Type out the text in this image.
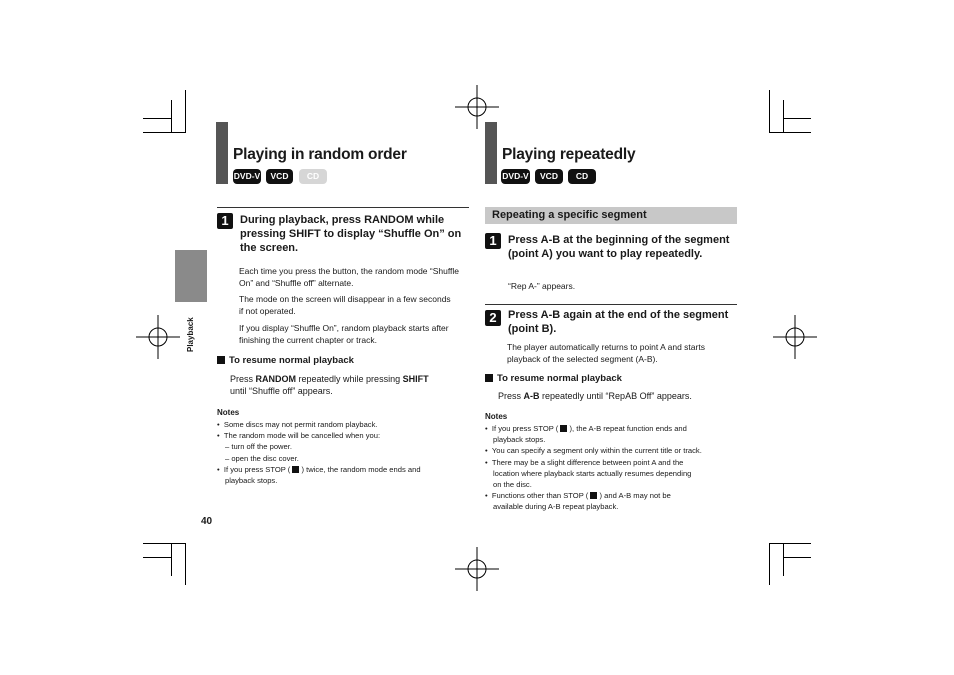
Playback
40
Playing in random order
DVD-V	VCD	CD
1	During playback, press RANDOM while pressing SHIFT to display “Shuffle On” on the screen.
Each time you press the button, the random mode “Shuffle On” and “Shuffle off” alternate.
The mode on the screen will disappear in a few seconds if not operated.
If you display “Shuffle On”, random playback starts after finishing the current chapter or track.
To resume normal playback
Press RANDOM repeatedly while pressing SHIFT
until “Shuffle off” appears.
Notes
•  Some discs may not permit random playback.
•  The random mode will be cancelled when you:
– turn off the power.
– open the disc cover.
•  If you press STOP (  ) twice, the random mode ends and
playback stops.
Playing repeatedly
DVD-V	VCD	CD
Repeating a specific segment
1	Press A-B at the beginning of the segment (point A) you want to play repeatedly.
“Rep A-” appears.
2	Press A-B again at the end of the segment (point B).
The player automatically returns to point A and starts playback of the selected segment (A-B).
To resume normal playback
Press A-B repeatedly until “RepAB Off” appears.
Notes
•  If you press STOP (  ), the A-B repeat function ends and
playback stops.
•  You can specify a segment only within the current title or track.
•  There may be a slight difference between point A and the
location where playback starts actually resumes depending
on the disc.
•  Functions other than STOP (  ) and A-B may not be
available during A-B repeat playback.
